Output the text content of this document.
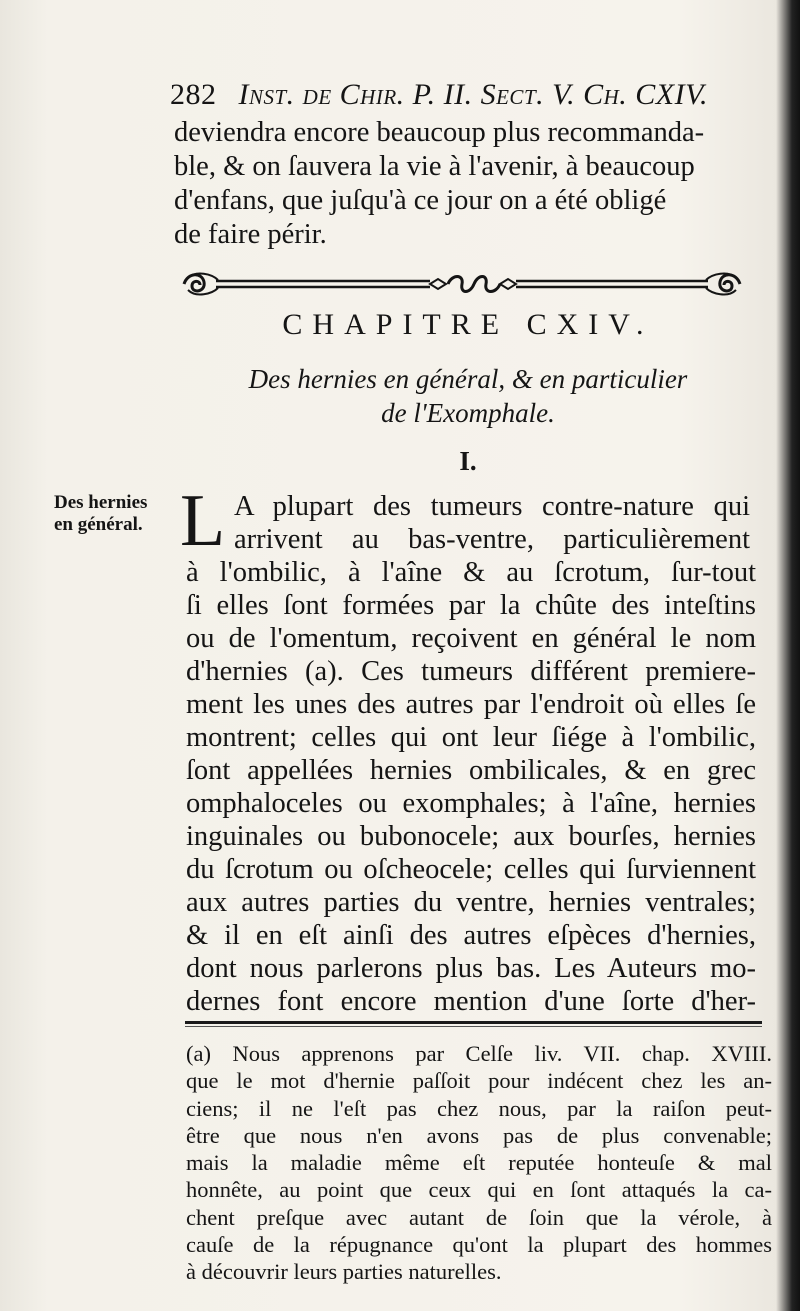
282 Inst. de Chir. P. II. Sect. V. Ch. CXIV.
deviendra encore beaucoup plus recommanda-
ble, & on ſauvera la vie à l'avenir, à beaucoup
d'enfans, que juſqu'à ce jour on a été obligé
de faire périr.
CHAPITRE CXIV.
Des hernies en général, & en particulier
de l'Exomphale.
I.
Des hernies
en général. L A plupart des tumeurs contre-nature qui
arrivent au bas-ventre, particulièrement
à l'ombilic, à l'aîne & au ſcrotum, ſur-tout
ſi elles ſont formées par la chûte des inteſtins
ou de l'omentum, reçoivent en général le nom
d'hernies (a). Ces tumeurs différent premiere-
ment les unes des autres par l'endroit où elles ſe
montrent; celles qui ont leur ſiége à l'ombilic,
ſont appellées hernies ombilicales, & en grec
omphaloceles ou exomphales; à l'aîne, hernies
inguinales ou bubonocele; aux bourſes, hernies
du ſcrotum ou oſcheocele; celles qui ſurviennent
aux autres parties du ventre, hernies ventrales;
& il en eſt ainſi des autres eſpèces d'hernies,
dont nous parlerons plus bas. Les Auteurs mo-
dernes font encore mention d'une ſorte d'her-
(a) Nous apprenons par Celſe liv. VII. chap. XVIII.
que le mot d'hernie paſſoit pour indécent chez les an-
ciens; il ne l'eſt pas chez nous, par la raiſon peut-
être que nous n'en avons pas de plus convenable;
mais la maladie même eſt reputée honteuſe & mal
honnête, au point que ceux qui en ſont attaqués la ca-
chent preſque avec autant de ſoin que la vérole, à
cauſe de la répugnance qu'ont la plupart des hommes
à découvrir leurs parties naturelles.
